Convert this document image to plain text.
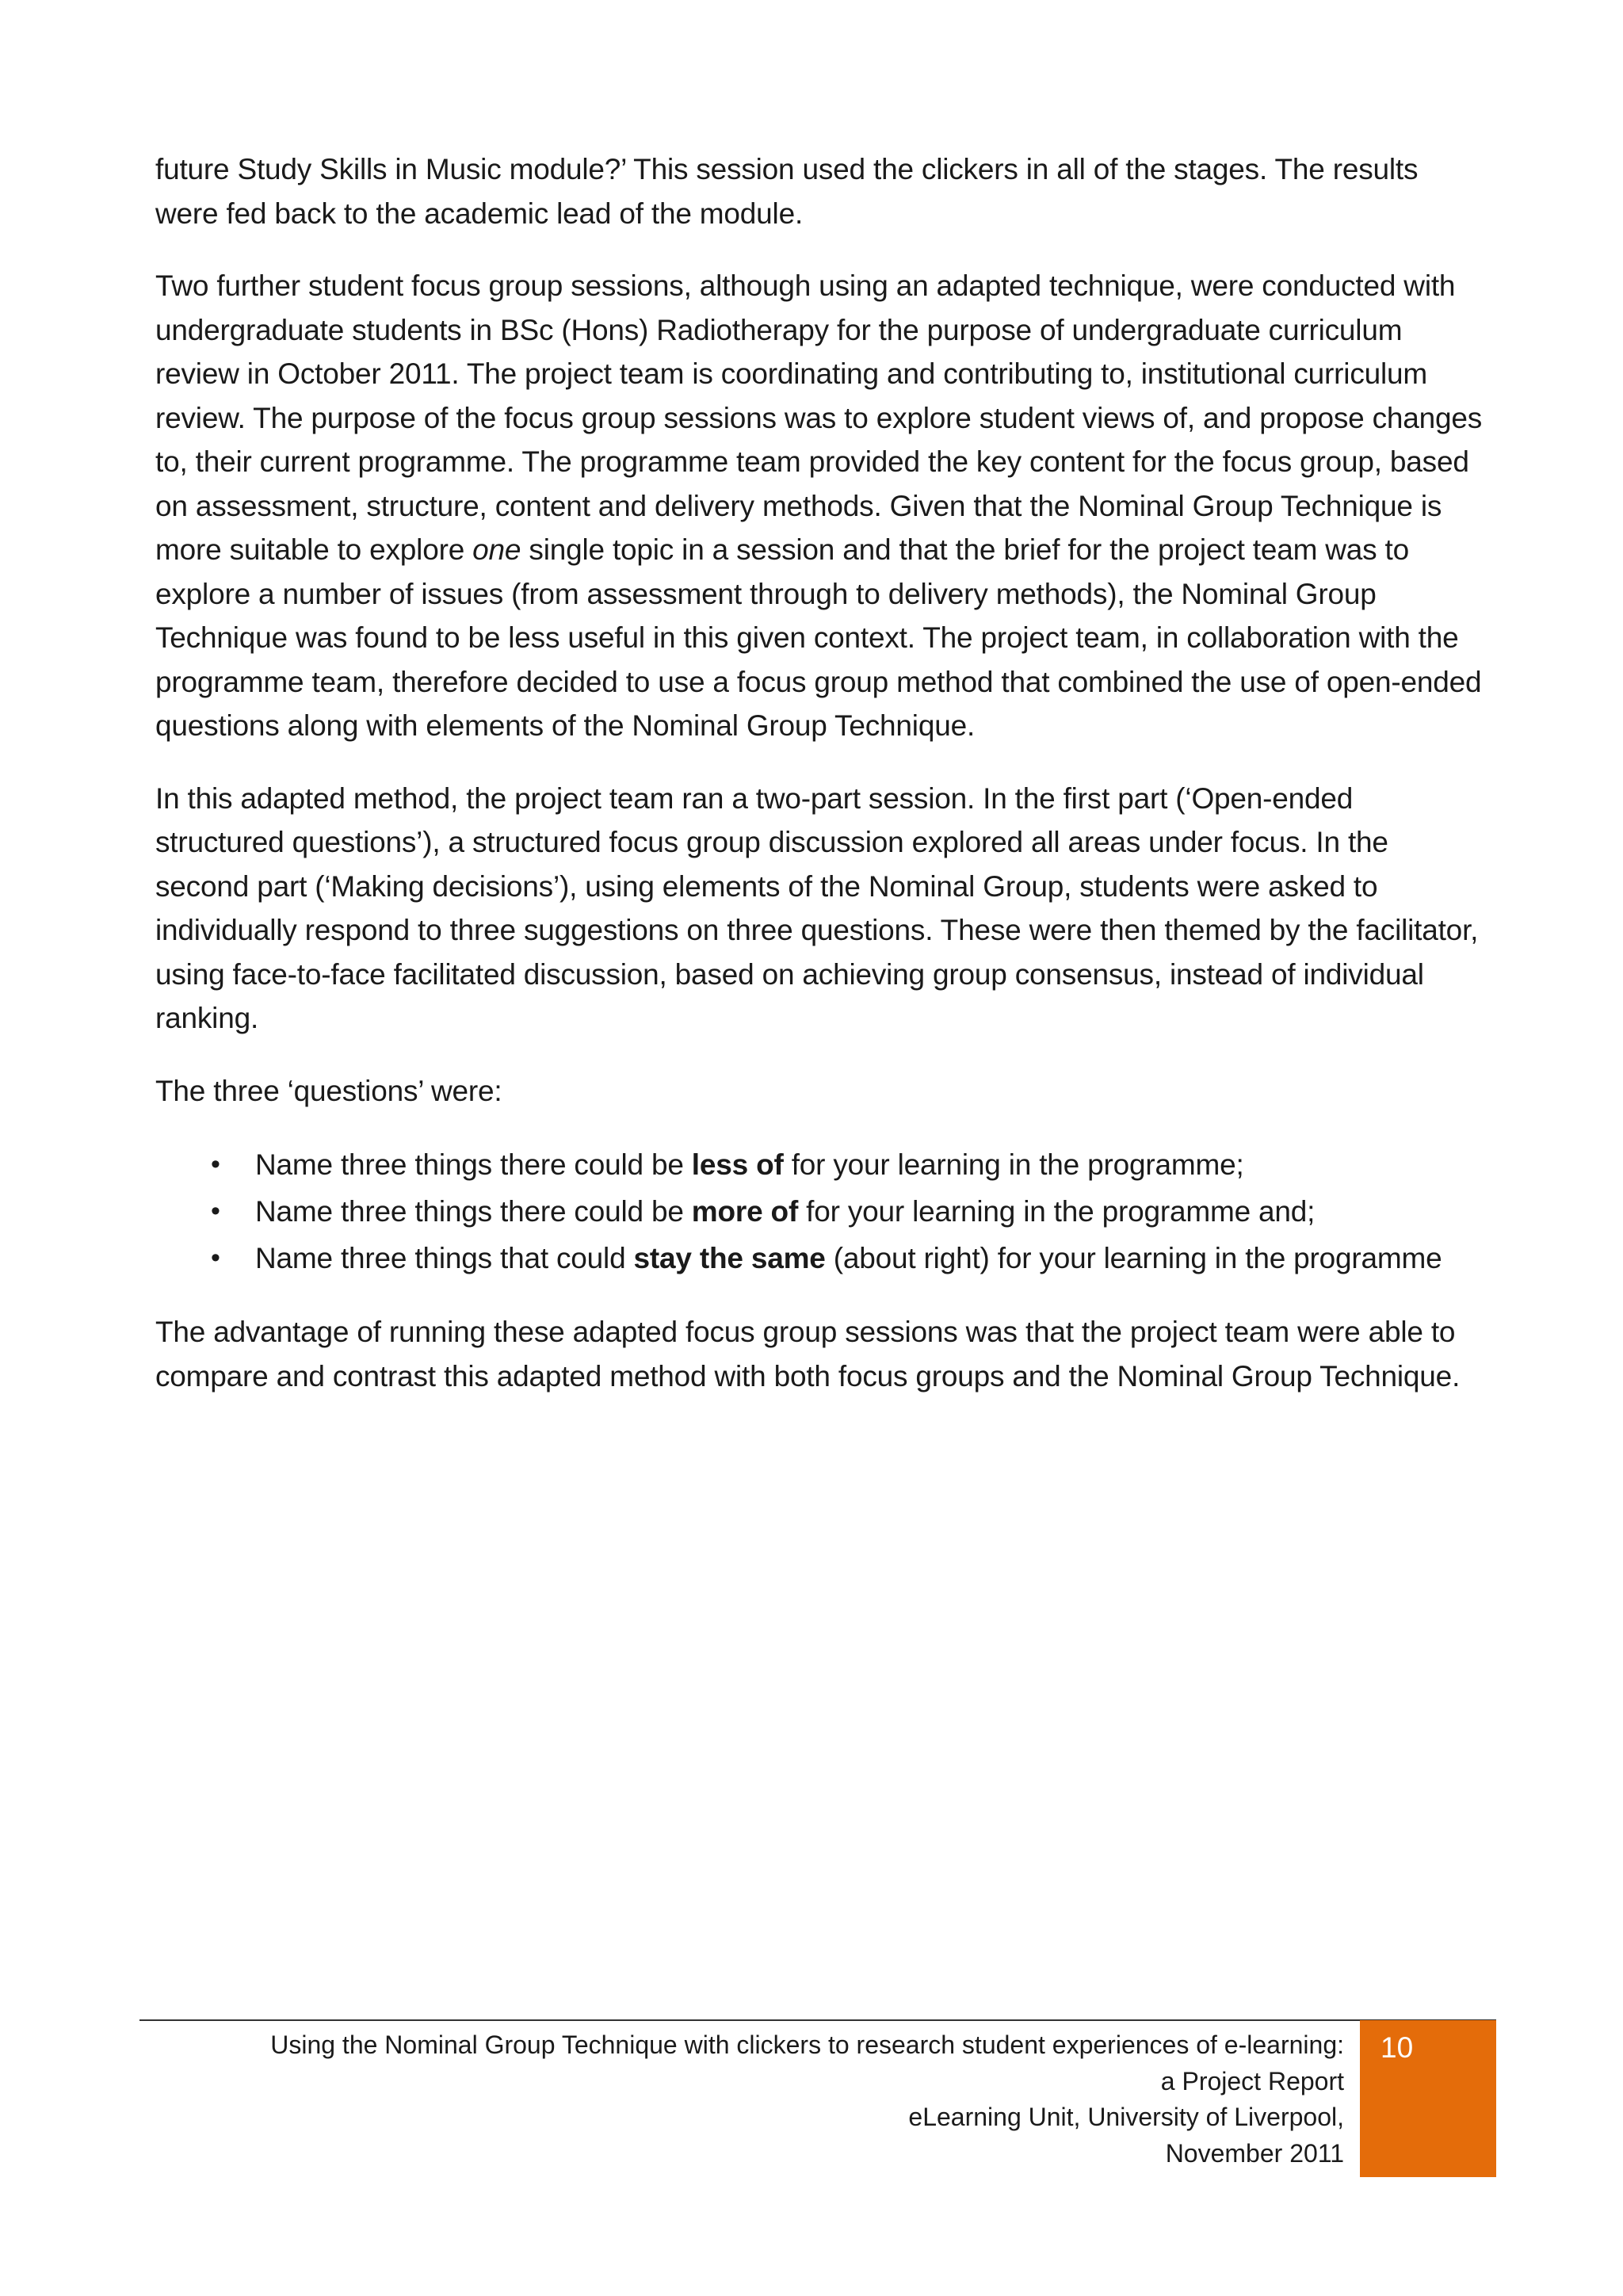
future Study Skills in Music module?’ This session used the clickers in all of the stages. The results were fed back to the academic lead of the module.

Two further student focus group sessions, although using an adapted technique, were conducted with undergraduate students in BSc (Hons) Radiotherapy for the purpose of undergraduate curriculum review in October 2011. The project team is coordinating and contributing to, institutional curriculum review. The purpose of the focus group sessions was to explore student views of, and propose changes to, their current programme. The programme team provided the key content for the focus group, based on assessment, structure, content and delivery methods. Given that the Nominal Group Technique is more suitable to explore one single topic in a session and that the brief for the project team was to explore a number of issues (from assessment through to delivery methods), the Nominal Group Technique was found to be less useful in this given context. The project team, in collaboration with the programme team, therefore decided to use a focus group method that combined the use of open-ended questions along with elements of the Nominal Group Technique.

In this adapted method, the project team ran a two-part session. In the first part (‘Open-ended structured questions’), a structured focus group discussion explored all areas under focus. In the second part (‘Making decisions’), using elements of the Nominal Group, students were asked to individually respond to three suggestions on three questions. These were then themed by the facilitator, using face-to-face facilitated discussion, based on achieving group consensus, instead of individual ranking.

The three ‘questions’ were:

• Name three things there could be less of for your learning in the programme;
• Name three things there could be more of for your learning in the programme and;
• Name three things that could stay the same (about right) for your learning in the programme

The advantage of running these adapted focus group sessions was that the project team were able to compare and contrast this adapted method with both focus groups and the Nominal Group Technique.

Using the Nominal Group Technique with clickers to research student experiences of e-learning:
a Project Report
eLearning Unit, University of Liverpool,
November 2011
10
